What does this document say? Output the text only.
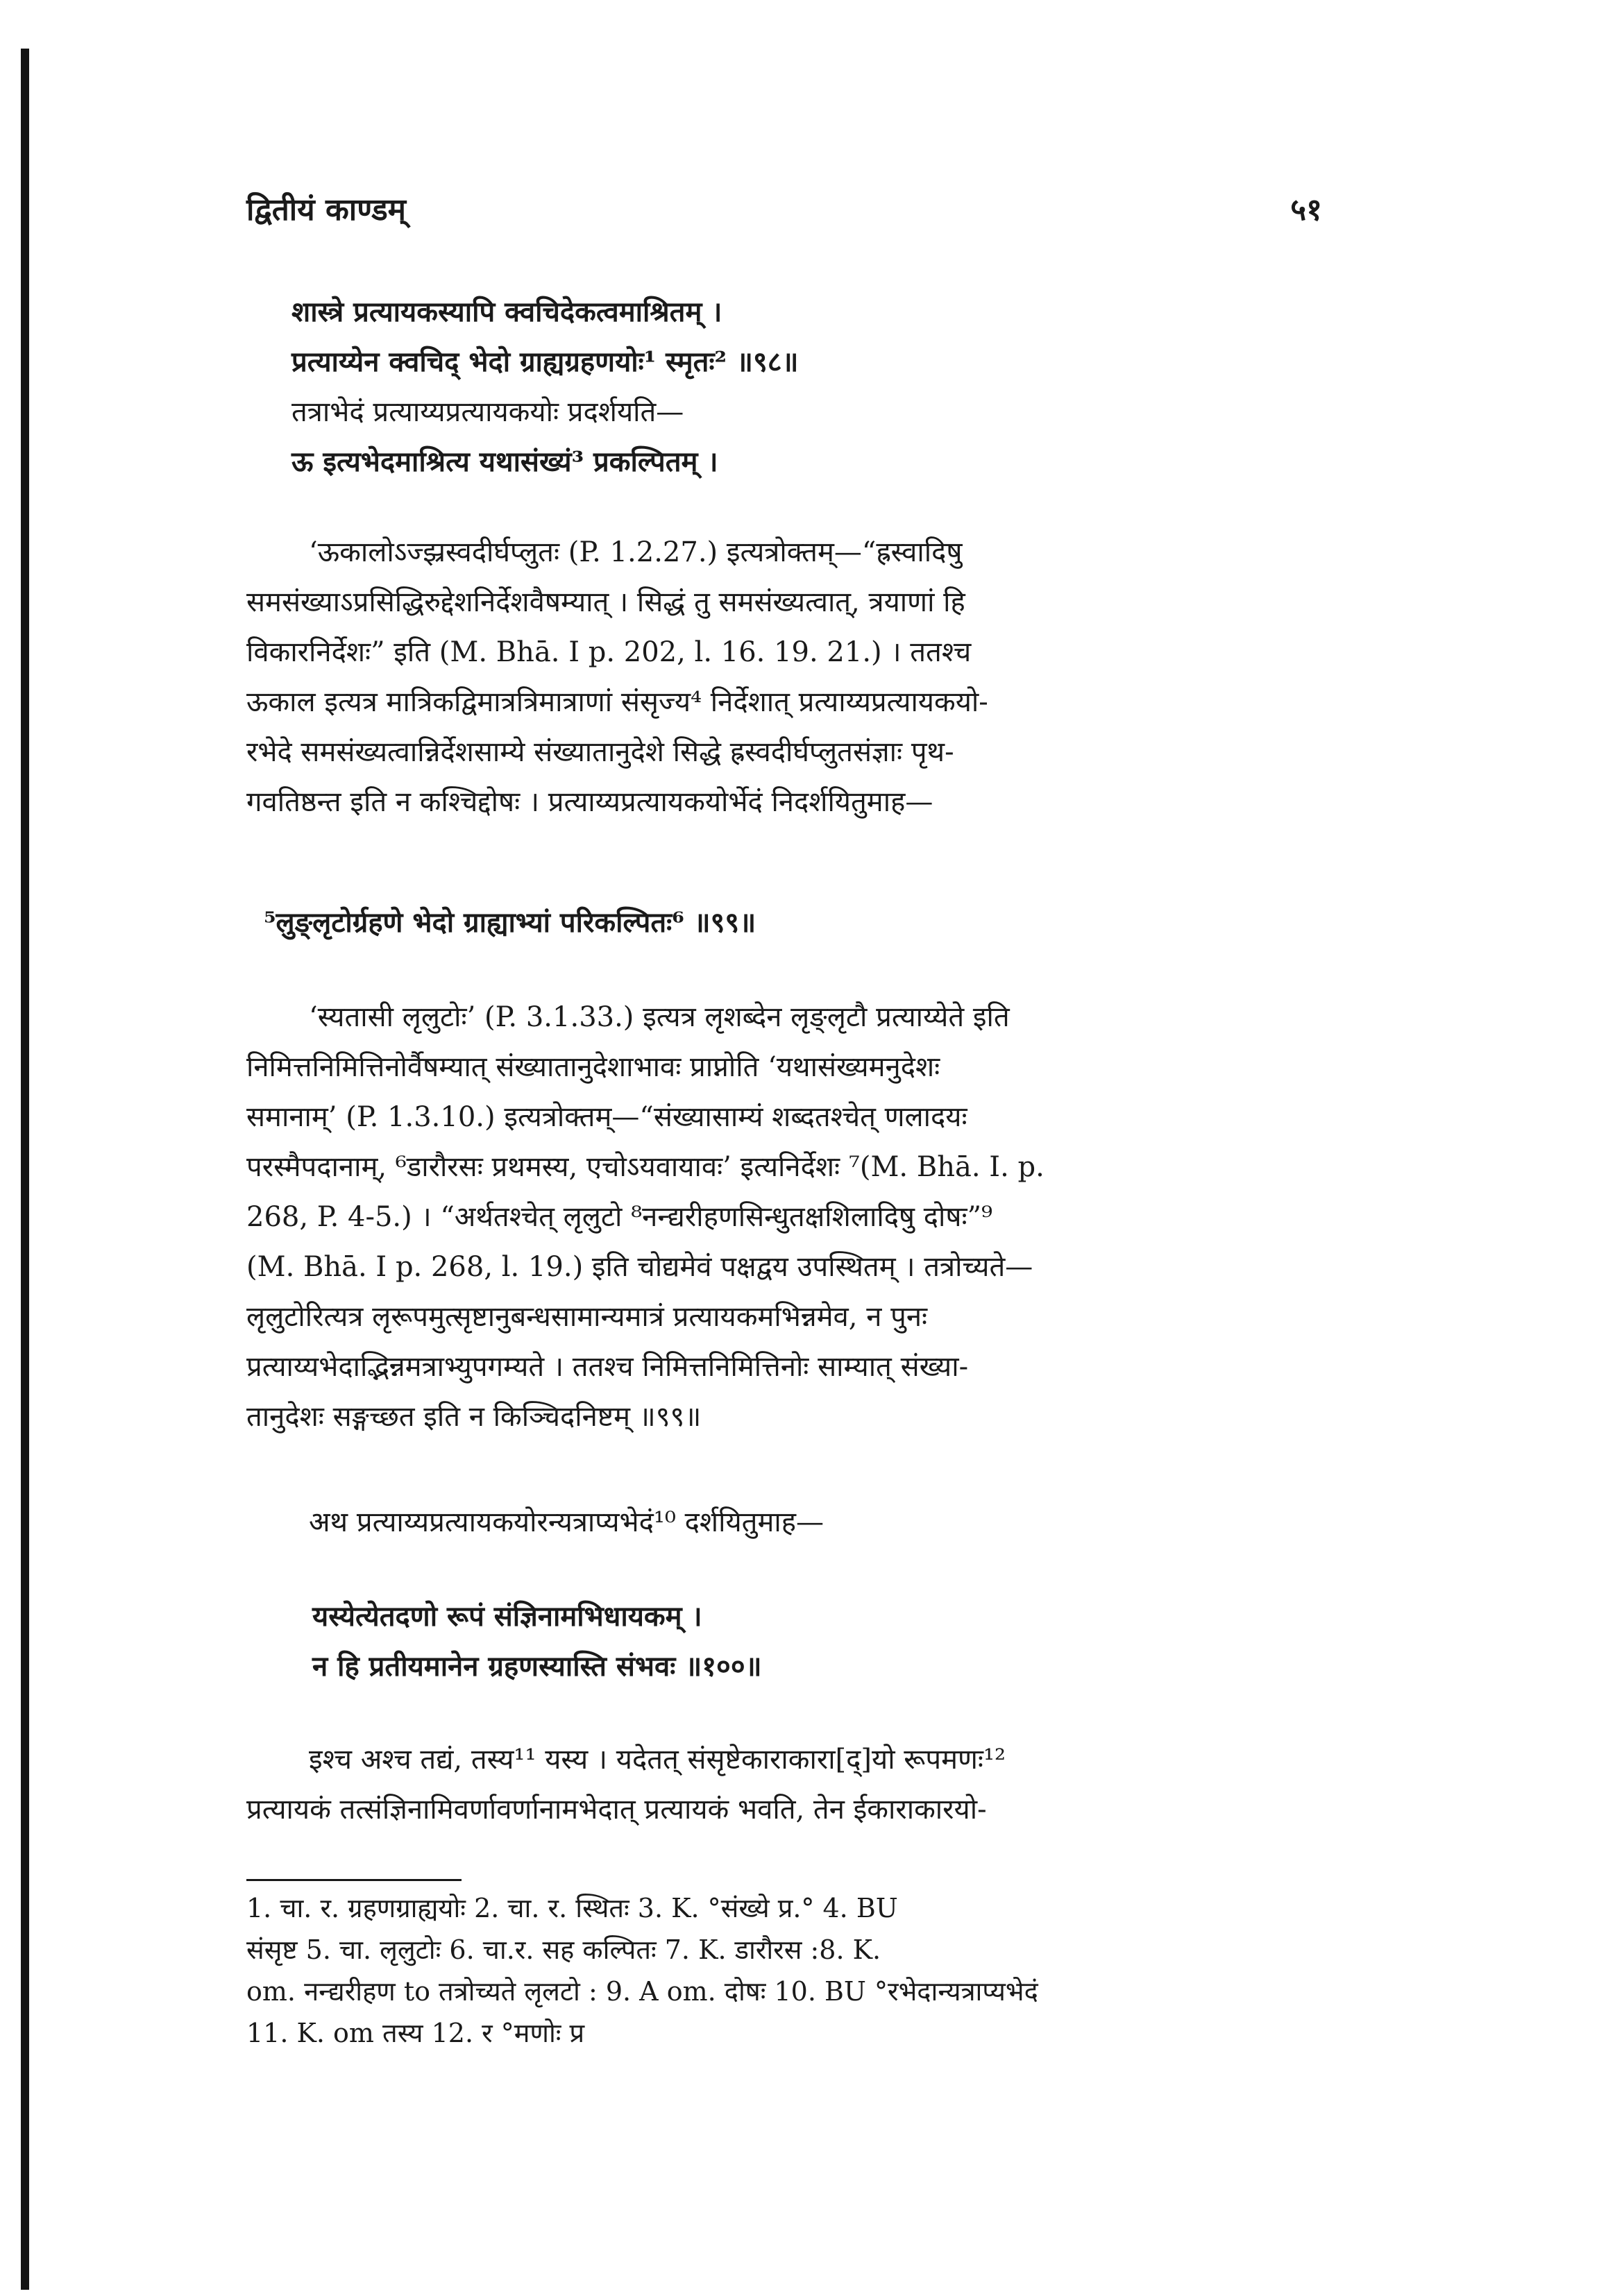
द्वितीयं काण्डम्	५१
शास्त्रे प्रत्यायकस्यापि क्वचिदेकत्वमाश्रितम् ।
प्रत्याय्येन क्वचिद् भेदो ग्राह्यग्रहणयोः¹ स्मृतः² ॥९८॥
तत्राभेदं प्रत्याय्यप्रत्यायकयोः प्रदर्शयति—
ऊ इत्यभेदमाश्रित्य यथासंख्यं³ प्रकल्पितम् ।
‘ऊकालोऽज्झ्रस्वदीर्घप्लुतः (P. 1.2.27.) इत्यत्रोक्तम्—“ह्रस्वादिषु
समसंख्याऽप्रसिद्धिरुद्देशनिर्देशवैषम्यात् । सिद्धं तु समसंख्यत्वात्, त्रयाणां हि
विकारनिर्देशः” इति (M. Bhā. I p. 202, l. 16. 19. 21.) । ततश्च
ऊकाल इत्यत्र मात्रिकद्विमात्रत्रिमात्राणां संसृज्य⁴ निर्देशात् प्रत्याय्यप्रत्यायकयो-
रभेदे समसंख्यत्वान्निर्देशसाम्ये संख्यातानुदेशे सिद्धे ह्रस्वदीर्घप्लुतसंज्ञाः पृथ-
गवतिष्ठन्त इति न कश्चिद्दोषः । प्रत्याय्यप्रत्यायकयोर्भेदं निदर्शयितुमाह—
⁵लुङ्लृटोर्ग्रहणे भेदो ग्राह्याभ्यां परिकल्पितः⁶ ॥९९॥
‘स्यतासी लृलुटोः’ (P. 3.1.33.) इत्यत्र लृशब्देन लृङ्लृटौ प्रत्याय्येते इति
निमित्तनिमित्तिनोर्वैषम्यात् संख्यातानुदेशाभावः प्राप्नोति ‘यथासंख्यमनुदेशः
समानाम्’ (P. 1.3.10.) इत्यत्रोक्तम्—“संख्यासाम्यं शब्दतश्चेत् णलादयः
परस्मैपदानाम्, ⁶डारौरसः प्रथमस्य, एचोऽयवायावः’ इत्यनिर्देशः ⁷(M. Bhā. I. p.
268, P. 4-5.) । “अर्थतश्चेत् लृलुटो ⁸नन्द्यरीहणसिन्धुतक्षशिलादिषु दोषः”⁹
(M. Bhā. I p. 268, l. 19.) इति चोद्यमेवं पक्षद्वय उपस्थितम् । तत्रोच्यते—
लृलुटोरित्यत्र लृरूपमुत्सृष्टानुबन्धसामान्यमात्रं प्रत्यायकमभिन्नमेव, न पुनः
प्रत्याय्यभेदाद्भिन्नमत्राभ्युपगम्यते । ततश्च निमित्तनिमित्तिनोः साम्यात् संख्या-
तानुदेशः सङ्गच्छत इति न किञ्चिदनिष्टम् ॥९९॥
अथ प्रत्याय्यप्रत्यायकयोरन्यत्राप्यभेदं¹⁰ दर्शयितुमाह—
यस्येत्येतदणो रूपं संज्ञिनामभिधायकम् ।
न हि प्रतीयमानेन ग्रहणस्यास्ति संभवः ॥१००॥
इश्च अश्च तद्यं, तस्य¹¹ यस्य । यदेतत् संसृष्टेकाराकारा[द्]यो रूपमणः¹²
प्रत्यायकं तत्संज्ञिनामिवर्णावर्णानामभेदात् प्रत्यायकं भवति, तेन ईकाराकारयो-
1. चा. र. ग्रहणग्राह्ययोः 2. चा. र. स्थितः 3. K. °संख्ये प्र.° 4. BU
संसृष्ट 5. चा. लृलुटोः 6. चा.र. सह कल्पितः 7. K. डारौरस :8. K.
om. नन्द्यरीहण to तत्रोच्यते लृलटो : 9. A om. दोषः 10. BU °रभेदान्यत्राप्यभेदं
11. K. om तस्य 12. र °मणोः प्र
